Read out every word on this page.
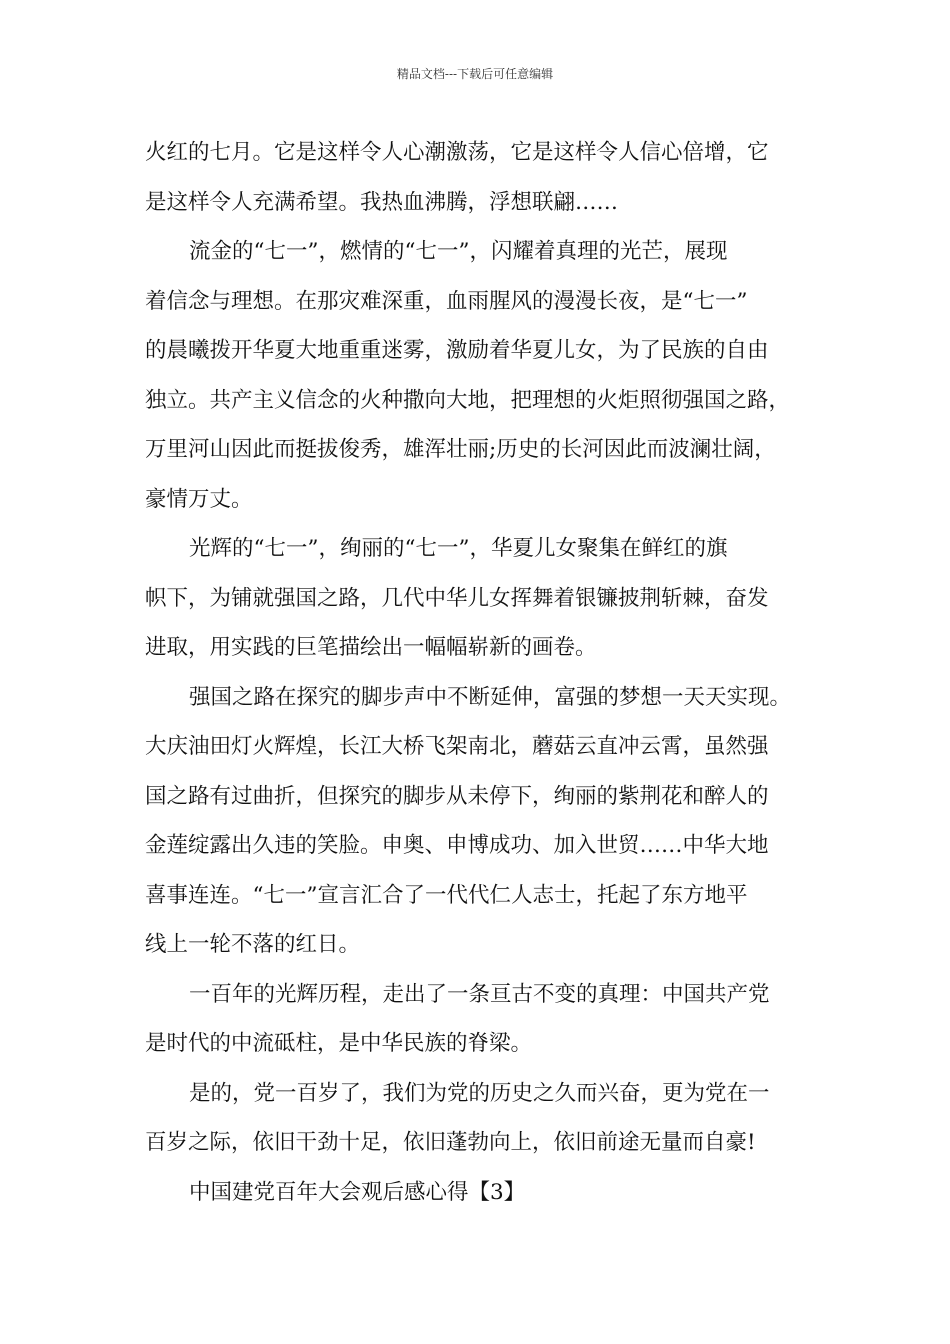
精品文档---下载后可任意编辑

火红的七月。它是这样令人心潮激荡，它是这样令人信心倍增，它
是这样令人充满希望。我热血沸腾，浮想联翩……

流金的“七一”，燃情的“七一”，闪耀着真理的光芒，展现
着信念与理想。在那灾难深重，血雨腥风的漫漫长夜，是“七一”
的晨曦拨开华夏大地重重迷雾，激励着华夏儿女，为了民族的自由
独立。共产主义信念的火种撒向大地，把理想的火炬照彻强国之路，
万里河山因此而挺拔俊秀，雄浑壮丽;历史的长河因此而波澜壮阔，
豪情万丈。

光辉的“七一”，绚丽的“七一”，华夏儿女聚集在鲜红的旗
帜下，为铺就强国之路，几代中华儿女挥舞着银镰披荆斩棘，奋发
进取，用实践的巨笔描绘出一幅幅崭新的画卷。

强国之路在探究的脚步声中不断延伸，富强的梦想一天天实现。
大庆油田灯火辉煌，长江大桥飞架南北，蘑菇云直冲云霄，虽然强
国之路有过曲折，但探究的脚步从未停下，绚丽的紫荆花和醉人的
金莲绽露出久违的笑脸。申奥、申博成功、加入世贸……中华大地
喜事连连。“七一”宣言汇合了一代代仁人志士，托起了东方地平
线上一轮不落的红日。

一百年的光辉历程，走出了一条亘古不变的真理：中国共产党
是时代的中流砥柱，是中华民族的脊梁。

是的，党一百岁了，我们为党的历史之久而兴奋，更为党在一
百岁之际，依旧干劲十足，依旧蓬勃向上，依旧前途无量而自豪!

中国建党百年大会观后感心得【3】
